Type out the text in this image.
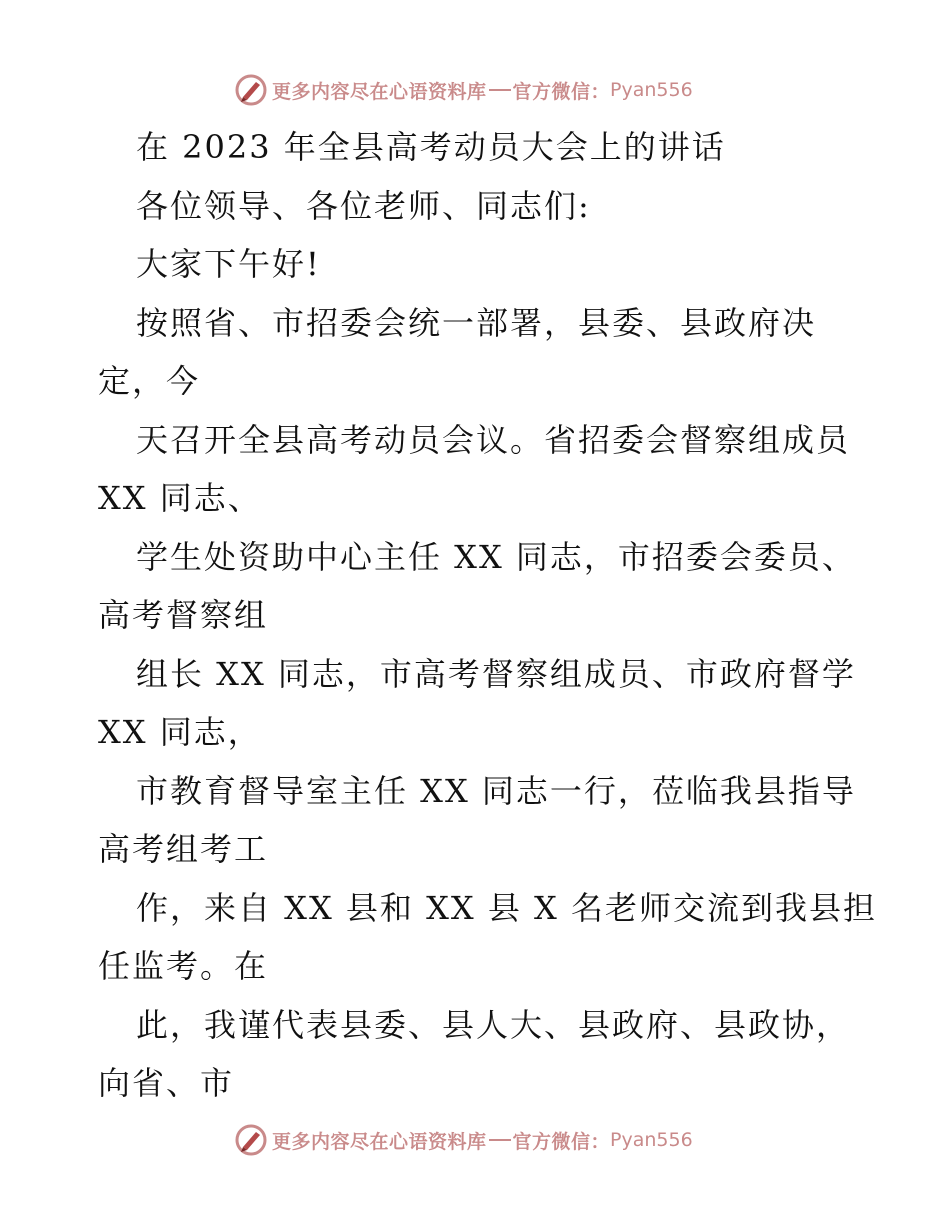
更多内容尽在心语资料库 官方微信： Pyan556
在 2023 年全县高考动员大会上的讲话
各位领导、各位老师、同志们:
大家下午好!
按照省、市招委会统一部署，县委、县政府决
定，今
天召开全县高考动员会议。省招委会督察组成员
XX 同志、
学生处资助中心主任 XX 同志，市招委会委员、
高考督察组
组长 XX 同志，市高考督察组成员、市政府督学
XX 同志，
市教育督导室主任 XX 同志一行，莅临我县指导
高考组考工
作，来自 XX 县和 XX 县 X 名老师交流到我县担
任监考。在
此，我谨代表县委、县人大、县政府、县政协，
向省、市
更多内容尽在心语资料库 官方微信： Pyan556
